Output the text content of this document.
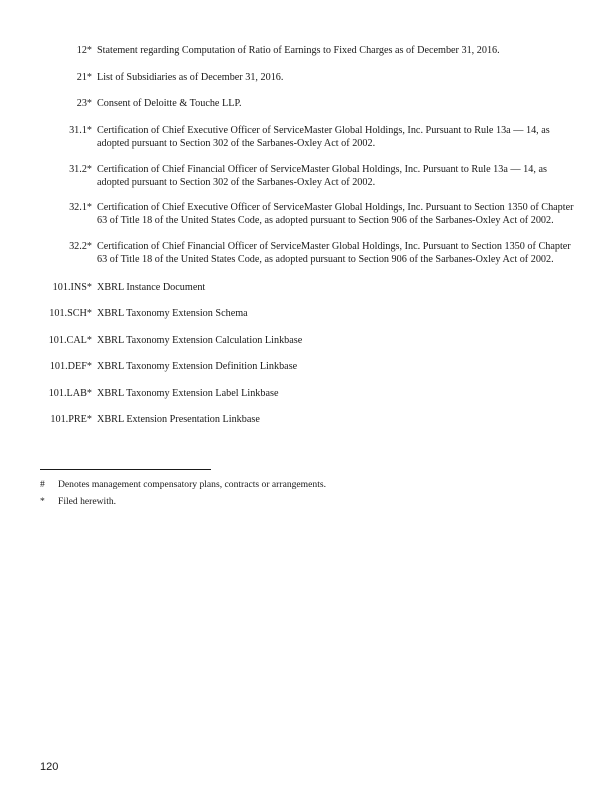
12* Statement regarding Computation of Ratio of Earnings to Fixed Charges as of December 31, 2016.
21* List of Subsidiaries as of December 31, 2016.
23* Consent of Deloitte & Touche LLP.
31.1* Certification of Chief Executive Officer of ServiceMaster Global Holdings, Inc. Pursuant to Rule 13a — 14, as adopted pursuant to Section 302 of the Sarbanes-Oxley Act of 2002.
31.2* Certification of Chief Financial Officer of ServiceMaster Global Holdings, Inc. Pursuant to Rule 13a — 14, as adopted pursuant to Section 302 of the Sarbanes-Oxley Act of 2002.
32.1* Certification of Chief Executive Officer of ServiceMaster Global Holdings, Inc. Pursuant to Section 1350 of Chapter 63 of Title 18 of the United States Code, as adopted pursuant to Section 906 of the Sarbanes-Oxley Act of 2002.
32.2* Certification of Chief Financial Officer of ServiceMaster Global Holdings, Inc. Pursuant to Section 1350 of Chapter 63 of Title 18 of the United States Code, as adopted pursuant to Section 906 of the Sarbanes-Oxley Act of 2002.
101.INS* XBRL Instance Document
101.SCH* XBRL Taxonomy Extension Schema
101.CAL* XBRL Taxonomy Extension Calculation Linkbase
101.DEF* XBRL Taxonomy Extension Definition Linkbase
101.LAB* XBRL Taxonomy Extension Label Linkbase
101.PRE* XBRL Extension Presentation Linkbase
# Denotes management compensatory plans, contracts or arrangements.
* Filed herewith.
120
